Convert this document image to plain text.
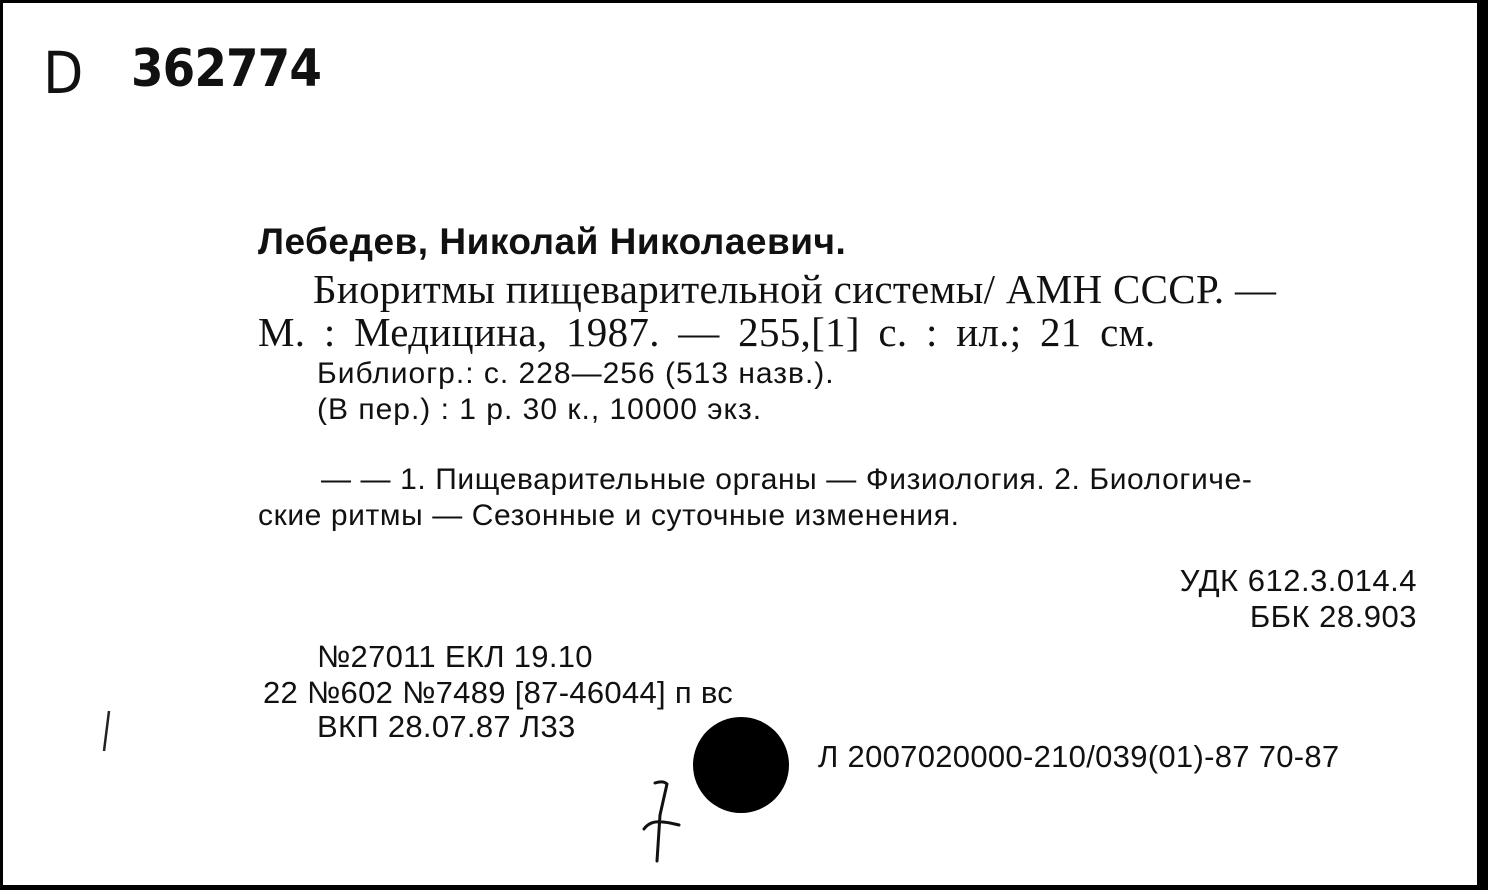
D 362774
Лебедев, Николай Николаевич.
Биоритмы пищеварительной системы/ АМН СССР. —
М. : Медицина, 1987. — 255,[1] с. : ил.; 21 см.
Библиогр.: с. 228—256 (513 назв.).
(В пер.) : 1 р. 30 к., 10000 экз.
— — 1. Пищеварительные органы — Физиология. 2. Биологиче-
ские ритмы — Сезонные и суточные изменения.
УДК 612.3.014.4
ББК 28.903
№27011 ЕКЛ 19.10
22 №602 №7489 [87-46044] п вс
ВКП 28.07.87 Л33
Л 2007020000-210/039(01)-87 70-87
